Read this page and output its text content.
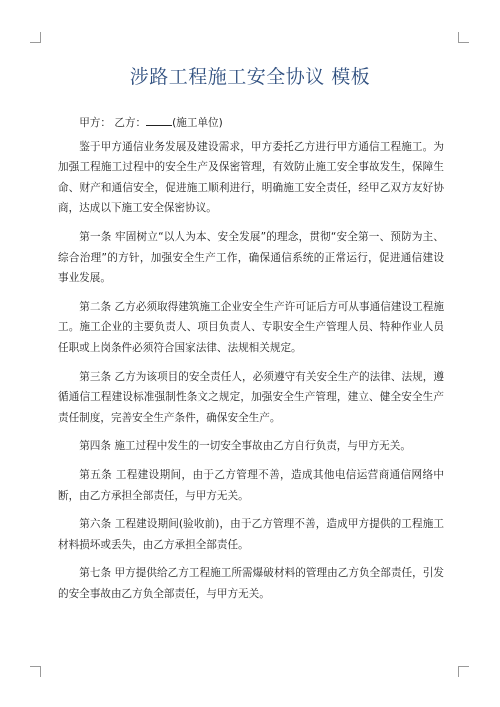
涉路工程施工安全协议 模板

甲方： 乙方： (施工单位)

鉴于甲方通信业务发展及建设需求，甲方委托乙方进行甲方通信工程施工。为加强工程施工过程中的安全生产及保密管理，有效防止施工安全事故发生，保障生命、财产和通信安全，促进施工顺利进行，明确施工安全责任，经甲乙双方友好协商，达成以下施工安全保密协议。

第一条 牢固树立“以人为本、安全发展”的理念，贯彻“安全第一、预防为主、综合治理”的方针，加强安全生产工作，确保通信系统的正常运行，促进通信建设事业发展。

第二条 乙方必须取得建筑施工企业安全生产许可证后方可从事通信建设工程施工。施工企业的主要负责人、项目负责人、专职安全生产管理人员、特种作业人员任职或上岗条件必须符合国家法律、法规相关规定。

第三条 乙方为该项目的安全责任人，必须遵守有关安全生产的法律、法规，遵循通信工程建设标准强制性条文之规定，加强安全生产管理，建立、健全安全生产责任制度，完善安全生产条件，确保安全生产。

第四条 施工过程中发生的一切安全事故由乙方自行负责，与甲方无关。

第五条 工程建设期间，由于乙方管理不善，造成其他电信运营商通信网络中断，由乙方承担全部责任，与甲方无关。

第六条 工程建设期间(验收前)，由于乙方管理不善，造成甲方提供的工程施工材料损坏或丢失，由乙方承担全部责任。

第七条 甲方提供给乙方工程施工所需爆破材料的管理由乙方负全部责任，引发的安全事故由乙方负全部责任，与甲方无关。
